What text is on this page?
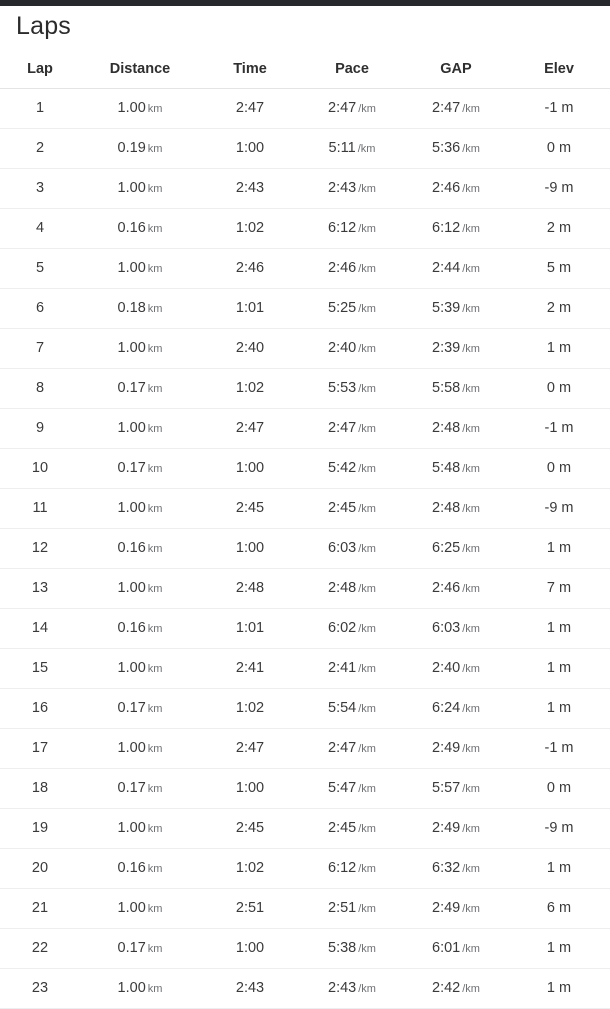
Laps
Lap	Distance	Time	Pace	GAP	Elev
1	1.00 km	2:47	2:47 /km	2:47 /km	-1 m
2	0.19 km	1:00	5:11 /km	5:36 /km	0 m
3	1.00 km	2:43	2:43 /km	2:46 /km	-9 m
4	0.16 km	1:02	6:12 /km	6:12 /km	2 m
5	1.00 km	2:46	2:46 /km	2:44 /km	5 m
6	0.18 km	1:01	5:25 /km	5:39 /km	2 m
7	1.00 km	2:40	2:40 /km	2:39 /km	1 m
8	0.17 km	1:02	5:53 /km	5:58 /km	0 m
9	1.00 km	2:47	2:47 /km	2:48 /km	-1 m
10	0.17 km	1:00	5:42 /km	5:48 /km	0 m
11	1.00 km	2:45	2:45 /km	2:48 /km	-9 m
12	0.16 km	1:00	6:03 /km	6:25 /km	1 m
13	1.00 km	2:48	2:48 /km	2:46 /km	7 m
14	0.16 km	1:01	6:02 /km	6:03 /km	1 m
15	1.00 km	2:41	2:41 /km	2:40 /km	1 m
16	0.17 km	1:02	5:54 /km	6:24 /km	1 m
17	1.00 km	2:47	2:47 /km	2:49 /km	-1 m
18	0.17 km	1:00	5:47 /km	5:57 /km	0 m
19	1.00 km	2:45	2:45 /km	2:49 /km	-9 m
20	0.16 km	1:02	6:12 /km	6:32 /km	1 m
21	1.00 km	2:51	2:51 /km	2:49 /km	6 m
22	0.17 km	1:00	5:38 /km	6:01 /km	1 m
23	1.00 km	2:43	2:43 /km	2:42 /km	1 m
